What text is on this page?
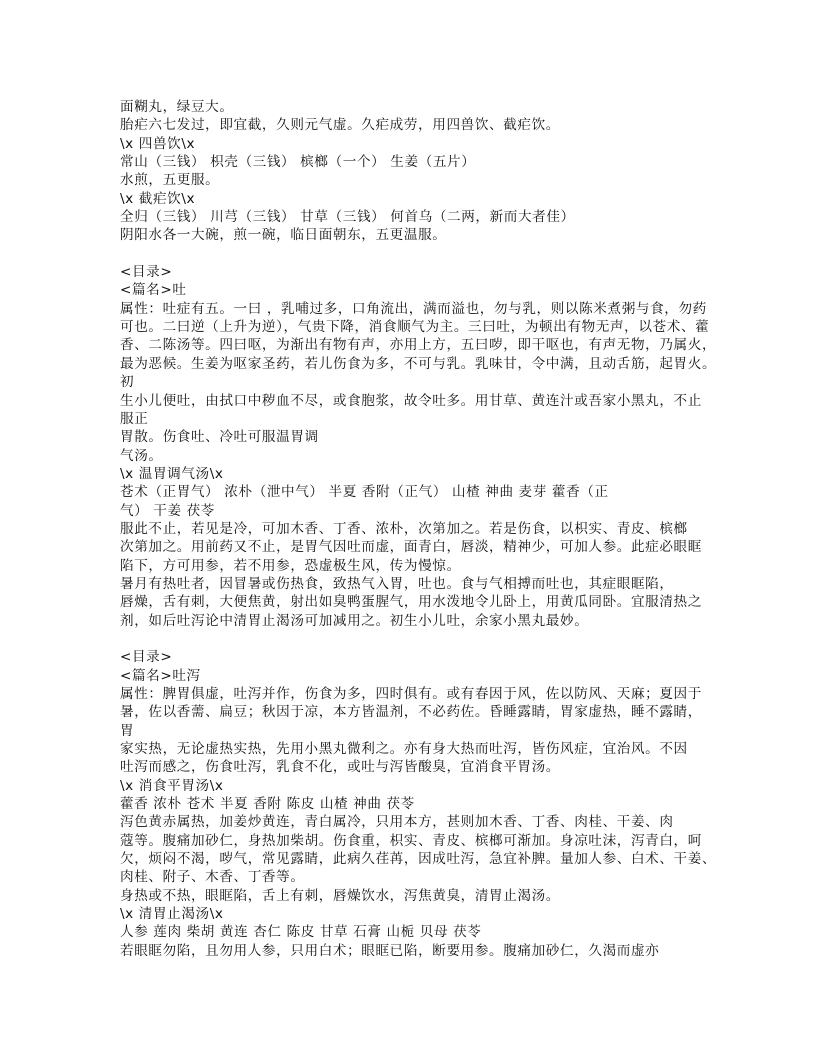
面糊丸，绿豆大。
胎疟六七发过，即宜截，久则元气虚。久疟成劳，用四兽饮、截疟饮。
\x 四兽饮\x
常山（三钱） 枳壳（三钱） 槟榔（一个） 生姜（五片）
水煎，五更服。
\x 截疟饮\x
全归（三钱） 川芎（三钱） 甘草（三钱） 何首乌（二两，新而大者佳）
阴阳水各一大碗，煎一碗，临日面朝东，五更温服。
<目录>
<篇名>吐
属性：吐症有五。一曰 ，乳哺过多，口角流出，满而溢也，勿与乳，则以陈米煮粥与食，勿药
可也。二曰逆（上升为逆），气贵下降，消食顺气为主。三曰吐，为顿出有物无声，以苍术、藿
香、二陈汤等。四曰呕，为渐出有物有声，亦用上方，五曰哕，即干呕也，有声无物，乃属火，
最为恶候。生姜为呕家圣药，若儿伤食为多，不可与乳。乳味甘，令中满，且动舌筋，起胃火。
初
生小儿便吐，由拭口中秽血不尽，或食胞浆，故令吐多。用甘草、黄连汁或吾家小黑丸，不止
服正
胃散。伤食吐、冷吐可服温胃调
气汤。
\x 温胃调气汤\x
苍术（正胃气） 浓朴（泄中气） 半夏 香附（正气） 山楂 神曲 麦芽 藿香（正
气） 干姜 茯苓
服此不止，若见是冷，可加木香、丁香、浓朴，次第加之。若是伤食，以枳实、青皮、槟榔
次第加之。用前药又不止，是胃气因吐而虚，面青白，唇淡，精神少，可加人参。此症必眼眶
陷下，方可用参，若不用参，恐虚极生风，传为慢惊。
暑月有热吐者，因冒暑或伤热食，致热气入胃，吐也。食与气相搏而吐也，其症眼眶陷，
唇燥，舌有刺，大便焦黄，射出如臭鸭蛋腥气，用水泼地令儿卧上，用黄瓜同卧。宜服清热之
剂，如后吐泻论中清胃止渴汤可加减用之。初生小儿吐，余家小黑丸最妙。
<目录>
<篇名>吐泻
属性：脾胃俱虚，吐泻并作，伤食为多，四时俱有。或有春因于风，佐以防风、天麻；夏因于
暑，佐以香薷、扁豆；秋因于凉，本方皆温剂，不必药佐。昏睡露睛，胃家虚热，睡不露睛，
胃
家实热，无论虚热实热，先用小黑丸微利之。亦有身大热而吐泻，皆伤风症，宜治风。不因
吐泻而感之，伤食吐泻，乳食不化，或吐与泻皆酸臭，宜消食平胃汤。
\x 消食平胃汤\x
藿香 浓朴 苍术 半夏 香附 陈皮 山楂 神曲 茯苓
泻色黄赤属热，加姜炒黄连，青白属冷，只用本方，甚则加木香、丁香、肉桂、干姜、肉
蔻等。腹痛加砂仁，身热加柴胡。伤食重，枳实、青皮、槟榔可渐加。身凉吐沫，泻青白，呵
欠，烦闷不渴，哕气，常见露睛，此病久荏苒，因成吐泻，急宜补脾。量加人参、白术、干姜、
肉桂、附子、木香、丁香等。
身热或不热，眼眶陷，舌上有刺，唇燥饮水，泻焦黄臭，清胃止渴汤。
\x 清胃止渴汤\x
人参 莲肉 柴胡 黄连 杏仁 陈皮 甘草 石膏 山栀 贝母 茯苓
若眼眶勿陷，且勿用人参，只用白术；眼眶已陷，断要用参。腹痛加砂仁，久渴而虚亦
